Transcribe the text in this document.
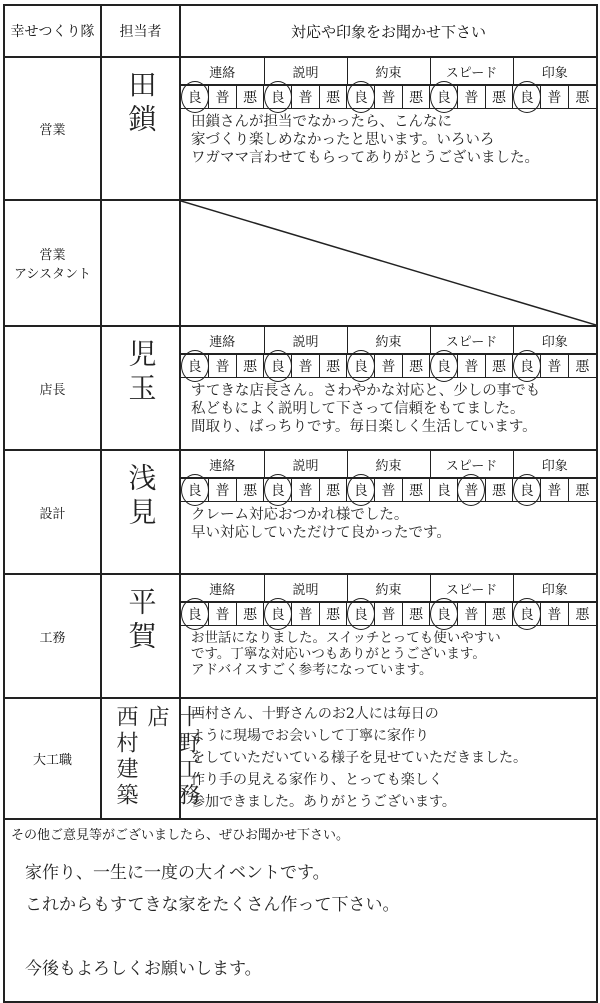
幸せつくり隊	担当者	対応や印象をお聞かせ下さい
営業	田鎖
		連絡	説明	約束	スピード	印象
良	普	悪	良	普	悪	良	普	悪	良	普	悪	良	普	悪
田鎖さんが担当でなかったら、こんなに
家づくり楽しめなかったと思います。いろいろ
ワガママ言わせてもらってありがとうございました。

営業
アシスタント		

店長	児玉
		連絡	説明	約束	スピード	印象
良	普	悪	良	普	悪	良	普	悪	良	普	悪	良	普	悪
すてきな店長さん。さわやかな対応と、少しの事でも
私どもによく説明して下さって信頼をもてました。
間取り、ばっちりです。毎日楽しく生活しています。

設計	浅見
		連絡	説明	約束	スピード	印象
良	普	悪	良	普	悪	良	普	悪	良	普	悪	良	普	悪
クレーム対応おつかれ様でした。
早い対応していただけて良かったです。

工務	平賀
		連絡	説明	約束	スピード	印象
良	普	悪	良	普	悪	良	普	悪	良	普	悪	良	普	悪
お世話になりました。スイッチとっても使いやすい
です。丁寧な対応いつもありがとうございます。
アドバイスすごく参考になっています。

大工職	西村建築	十野工務店	西村さん、十野さんのお2人には毎日の
ように現場でお会いして丁寧に家作り
をしていただいている様子を見せていただきました。
作り手の見える家作り、とっても楽しく
参加できました。ありがとうございます。

その他ご意見等がございましたら、ぜひお聞かせ下さい。
家作り、一生に一度の大イベントです。
これからもすてきな家をたくさん作って下さい。

今後もよろしくお願いします。
